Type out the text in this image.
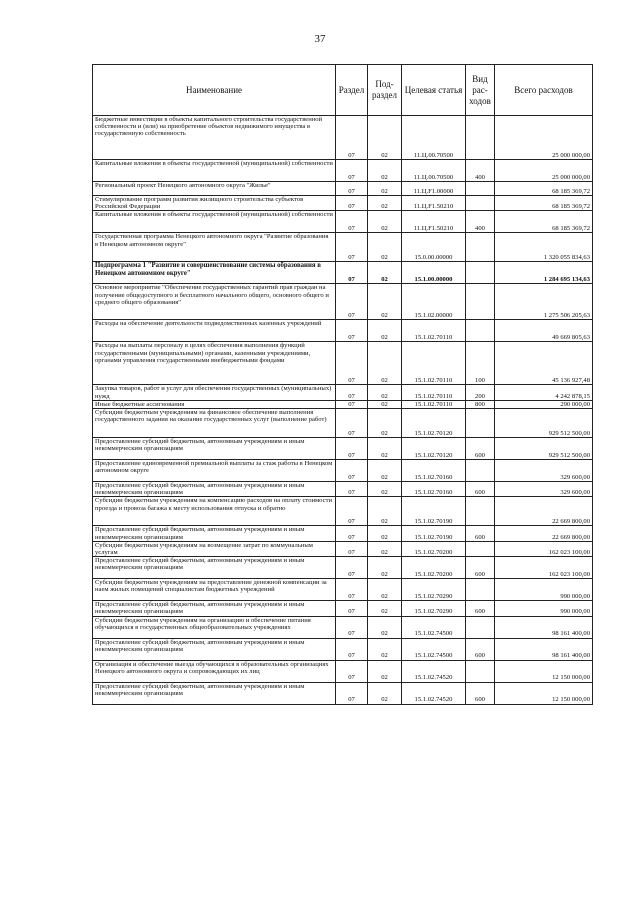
37
Наименование	Раздел	Под-раздел	Целевая статья	Вид рас-ходов	Всего расходов
Бюджетные инвестиции в объекты капитального строительства государственной собственности и (или) на приобретение объектов недвижимого имущества в государственную собственность	07	02	11.Ц.00.70500		25 000 000,00
Капитальные вложения в объекты государственной (муниципальной) собственности	07	02	11.Ц.00.70500	400	25 000 000,00
Региональный проект Ненецкого автономного округа "Жилье"	07	02	11.Ц.F1.00000		68 185 369,72
Стимулирование программ развития жилищного строительства субъектов Российской Федерации	07	02	11.Ц.F1.50210		68 185 369,72
Капитальные вложения в объекты государственной (муниципальной) собственности	07	02	11.Ц.F1.50210	400	68 185 369,72
Государственная программа Ненецкого автономного округа "Развитие образования в Ненецком автономном округе"	07	02	15.0.00.00000		1 320 055 834,63
Подпрограмма 1 "Развитие и совершенствование системы образования в Ненецком автономном округе"	07	02	15.1.00.00000		1 284 695 134,63
Основное мероприятие "Обеспечение государственных гарантий прав граждан на получение общедоступного и бесплатного начального общего, основного общего и среднего общего образования"	07	02	15.1.02.00000		1 275 506 205,63
Расходы на обеспечение деятельности подведомственных казенных учреждений	07	02	15.1.02.70110		49 669 805,63
Расходы на выплаты персоналу в целях обеспечения выполнения функций государственными (муниципальными) органами, казенными учреждениями, органами управления государственными внебюджетными фондами	07	02	15.1.02.70110	100	45 136 927,48
Закупка товаров, работ и услуг для обеспечения государственных (муниципальных) нужд	07	02	15.1.02.70110	200	4 242 878,15
Иные бюджетные ассигнования	07	02	15.1.02.70110	800	290 000,00
Субсидии бюджетным учреждениям на финансовое обеспечение выполнения государственного задания на оказание государственных услуг (выполнение работ)	07	02	15.1.02.70120		929 512 500,00
Предоставление субсидий бюджетным, автономным учреждениям и иным некоммерческим организациям	07	02	15.1.02.70120	600	929 512 500,00
Предоставление единовременной премиальной выплаты за стаж работы в Ненецком автономном округе	07	02	15.1.02.70160		329 600,00
Предоставление субсидий бюджетным, автономным учреждениям и иным некоммерческим организациям	07	02	15.1.02.70160	600	329 600,00
Субсидии бюджетным учреждениям на компенсацию расходов на оплату стоимости проезда и провоза багажа к месту использования отпуска и обратно	07	02	15.1.02.70190		22 669 800,00
Предоставление субсидий бюджетным, автономным учреждениям и иным некоммерческим организациям	07	02	15.1.02.70190	600	22 669 800,00
Субсидии бюджетным учреждениям на возмещение затрат по коммунальным услугам	07	02	15.1.02.70200		162 023 100,00
Предоставление субсидий бюджетным, автономным учреждениям и иным некоммерческим организациям	07	02	15.1.02.70200	600	162 023 100,00
Субсидии бюджетным учреждениям на предоставление денежной компенсации за наем жилых помещений специалистам бюджетных учреждений	07	02	15.1.02.70290		990 000,00
Предоставление субсидий бюджетным, автономным учреждениям и иным некоммерческим организациям	07	02	15.1.02.70290	600	990 000,00
Субсидии бюджетным учреждениям на организацию и обеспечение питания обучающихся в государственных общеобразовательных учреждениях	07	02	15.1.02.74500		98 161 400,00
Предоставление субсидий бюджетным, автономным учреждениям и иным некоммерческим организациям	07	02	15.1.02.74500	600	98 161 400,00
Организация и обеспечение выезда обучающихся в образовательных организациях Ненецкого автономного округа и сопровождающих их лиц	07	02	15.1.02.74520		12 150 000,00
Предоставление субсидий бюджетным, автономным учреждениям и иным некоммерческим организациям	07	02	15.1.02.74520	600	12 150 000,00
